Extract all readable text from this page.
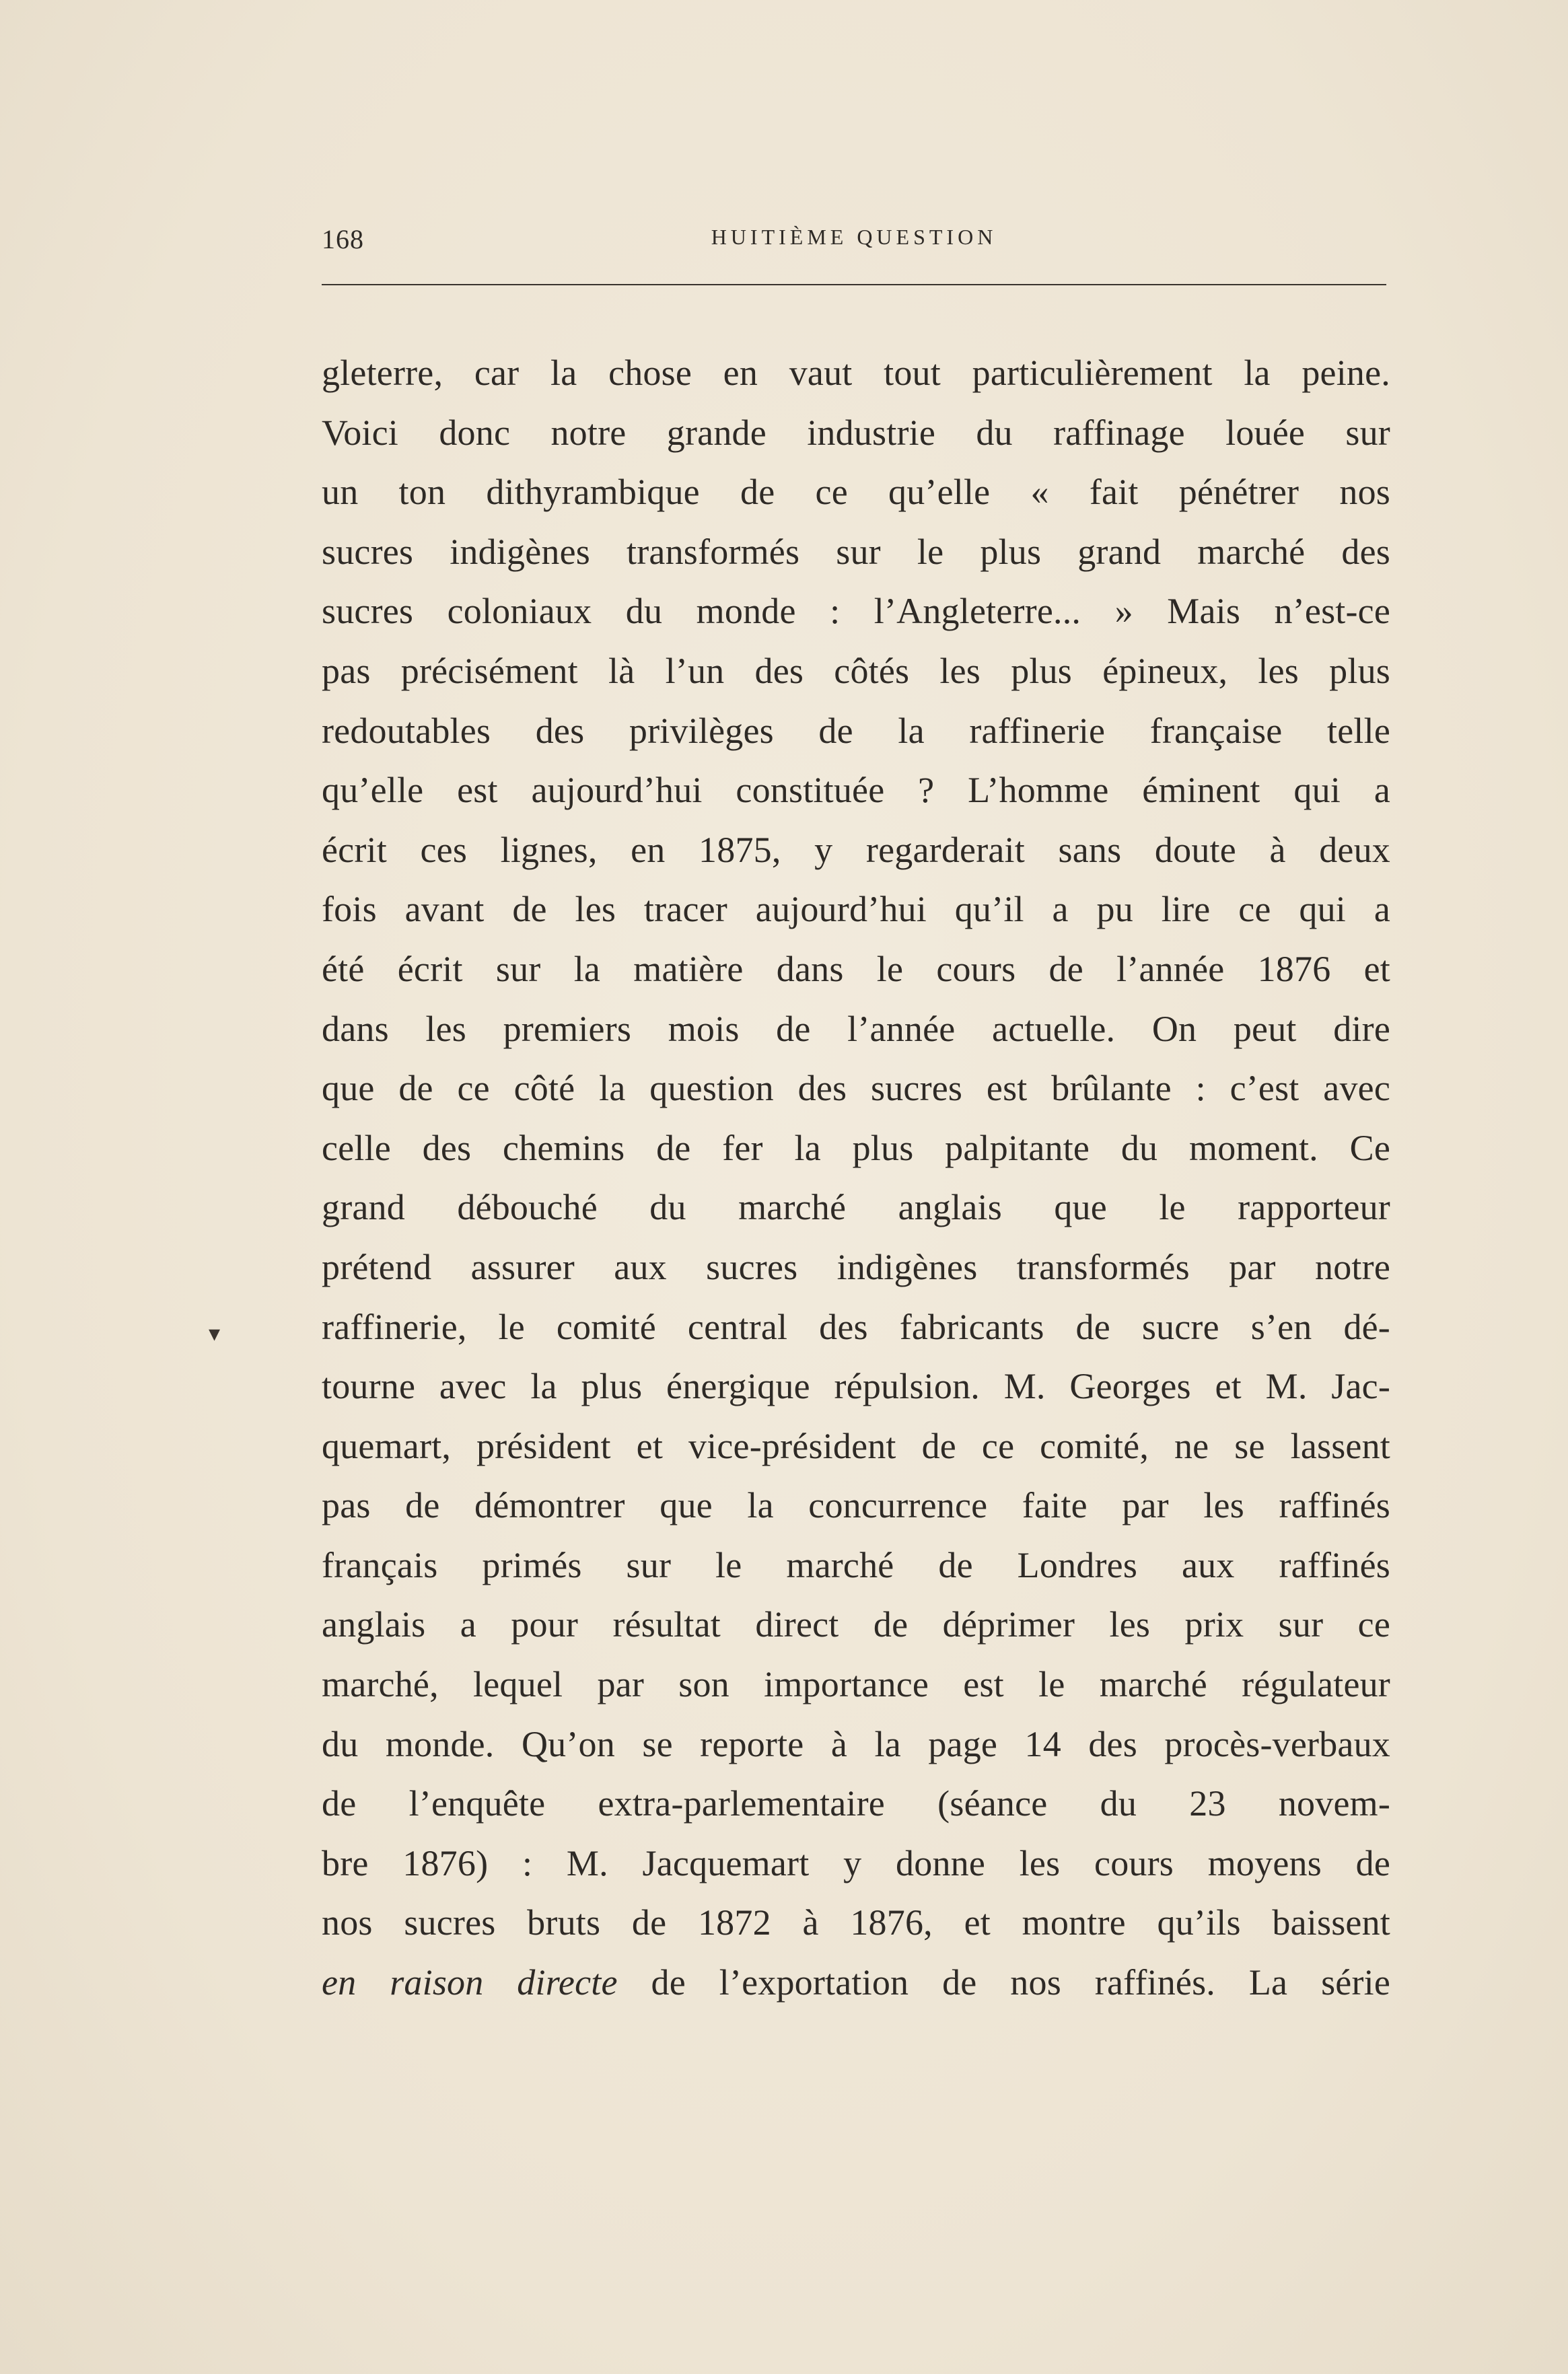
168	HUITIÈME QUESTION
▾
gleterre, car la chose en vaut tout particulièrement la peine.
Voici donc notre grande industrie du raffinage louée sur
un ton dithyrambique de ce qu’elle « fait pénétrer nos
sucres indigènes transformés sur le plus grand marché des
sucres coloniaux du monde : l’Angleterre... » Mais n’est-ce
pas précisément là l’un des côtés les plus épineux, les plus
redoutables des privilèges de la raffinerie française telle
qu’elle est aujourd’hui constituée ? L’homme éminent qui a
écrit ces lignes, en 1875, y regarderait sans doute à deux
fois avant de les tracer aujourd’hui qu’il a pu lire ce qui a
été écrit sur la matière dans le cours de l’année 1876 et
dans les premiers mois de l’année actuelle. On peut dire
que de ce côté la question des sucres est brûlante : c’est avec
celle des chemins de fer la plus palpitante du moment. Ce
grand débouché du marché anglais que le rapporteur
prétend assurer aux sucres indigènes transformés par notre
raffinerie, le comité central des fabricants de sucre s’en dé-
tourne avec la plus énergique répulsion. M. Georges et M. Jac-
quemart, président et vice-président de ce comité, ne se lassent
pas de démontrer que la concurrence faite par les raffinés
français primés sur le marché de Londres aux raffinés
anglais a pour résultat direct de déprimer les prix sur ce
marché, lequel par son importance est le marché régulateur
du monde. Qu’on se reporte à la page 14 des procès-verbaux
de l’enquête extra-parlementaire (séance du 23 novem-
bre 1876) : M. Jacquemart y donne les cours moyens de
nos sucres bruts de 1872 à 1876, et montre qu’ils baissent
en raison directe de l’exportation de nos raffinés. La série
